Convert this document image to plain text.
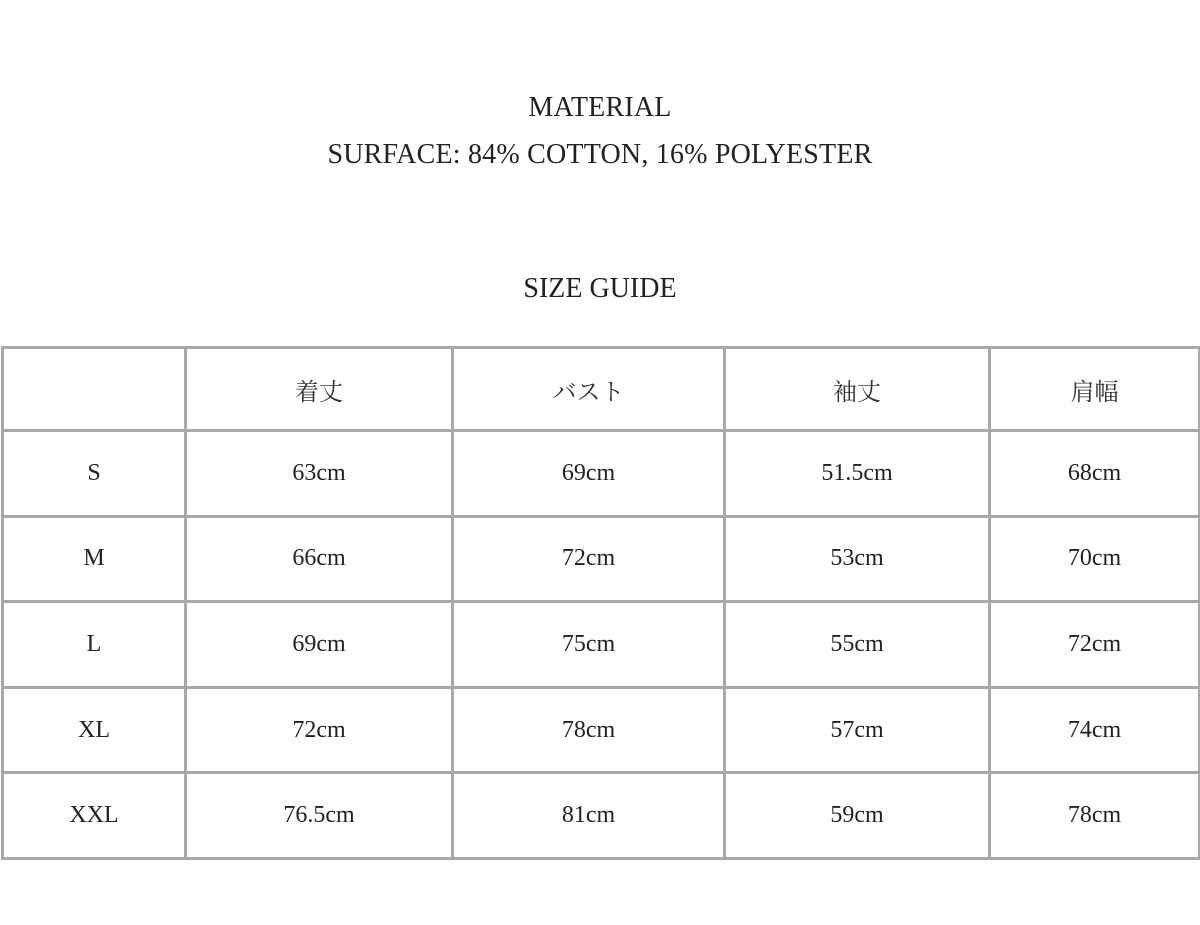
MATERIAL
SURFACE: 84% COTTON, 16% POLYESTER
SIZE GUIDE
	着丈	バスト	袖丈	肩幅
S	63cm	69cm	51.5cm	68cm
M	66cm	72cm	53cm	70cm
L	69cm	75cm	55cm	72cm
XL	72cm	78cm	57cm	74cm
XXL	76.5cm	81cm	59cm	78cm
